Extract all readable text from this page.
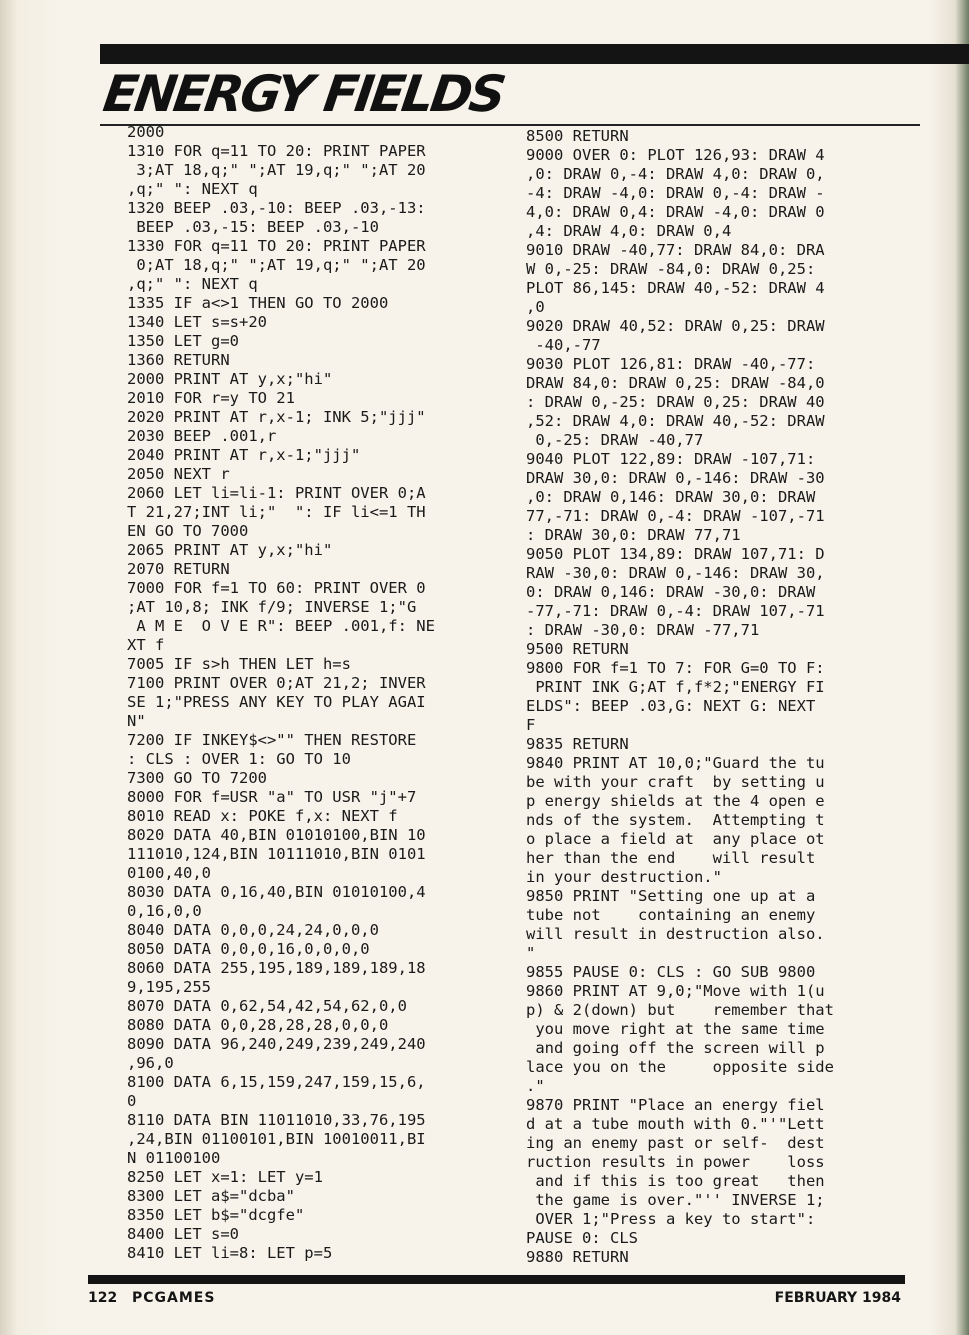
ENERGY FIELDS
2000
1310 FOR q=11 TO 20: PRINT PAPER
3;AT 18,q;" ";AT 19,q;" ";AT 20
,q;" ": NEXT q
1320 BEEP .03,-10: BEEP .03,-13:
BEEP .03,-15: BEEP .03,-10
1330 FOR q=11 TO 20: PRINT PAPER
0;AT 18,q;" ";AT 19,q;" ";AT 20
,q;" ": NEXT q
1335 IF a<>1 THEN GO TO 2000
1340 LET s=s+20
1350 LET g=0
1360 RETURN
2000 PRINT AT y,x;"hi"
2010 FOR r=y TO 21
2020 PRINT AT r,x-1; INK 5;"jjj"
2030 BEEP .001,r
2040 PRINT AT r,x-1;"jjj"
2050 NEXT r
2060 LET li=li-1: PRINT OVER 0;A
T 21,27;INT li;"  ": IF li<=1 TH
EN GO TO 7000
2065 PRINT AT y,x;"hi"
2070 RETURN
7000 FOR f=1 TO 60: PRINT OVER 0
;AT 10,8; INK f/9; INVERSE 1;"G
A M E  O V E R": BEEP .001,f: NE
XT f
7005 IF s>h THEN LET h=s
7100 PRINT OVER 0;AT 21,2; INVER
SE 1;"PRESS ANY KEY TO PLAY AGAI
N"
7200 IF INKEY$<>"" THEN RESTORE
: CLS : OVER 1: GO TO 10
7300 GO TO 7200
8000 FOR f=USR "a" TO USR "j"+7
8010 READ x: POKE f,x: NEXT f
8020 DATA 40,BIN 01010100,BIN 10
111010,124,BIN 10111010,BIN 0101
0100,40,0
8030 DATA 0,16,40,BIN 01010100,4
0,16,0,0
8040 DATA 0,0,0,24,24,0,0,0
8050 DATA 0,0,0,16,0,0,0,0
8060 DATA 255,195,189,189,189,18
9,195,255
8070 DATA 0,62,54,42,54,62,0,0
8080 DATA 0,0,28,28,28,0,0,0
8090 DATA 96,240,249,239,249,240
,96,0
8100 DATA 6,15,159,247,159,15,6,
0
8110 DATA BIN 11011010,33,76,195
,24,BIN 01100101,BIN 10010011,BI
N 01100100
8250 LET x=1: LET y=1
8300 LET a$="dcba"
8350 LET b$="dcgfe"
8400 LET s=0
8410 LET li=8: LET p=5
8500 RETURN
9000 OVER 0: PLOT 126,93: DRAW 4
,0: DRAW 0,-4: DRAW 4,0: DRAW 0,
-4: DRAW -4,0: DRAW 0,-4: DRAW -
4,0: DRAW 0,4: DRAW -4,0: DRAW 0
,4: DRAW 4,0: DRAW 0,4
9010 DRAW -40,77: DRAW 84,0: DRA
W 0,-25: DRAW -84,0: DRAW 0,25:
PLOT 86,145: DRAW 40,-52: DRAW 4
,0
9020 DRAW 40,52: DRAW 0,25: DRAW
-40,-77
9030 PLOT 126,81: DRAW -40,-77:
DRAW 84,0: DRAW 0,25: DRAW -84,0
: DRAW 0,-25: DRAW 0,25: DRAW 40
,52: DRAW 4,0: DRAW 40,-52: DRAW
0,-25: DRAW -40,77
9040 PLOT 122,89: DRAW -107,71:
DRAW 30,0: DRAW 0,-146: DRAW -30
,0: DRAW 0,146: DRAW 30,0: DRAW
77,-71: DRAW 0,-4: DRAW -107,-71
: DRAW 30,0: DRAW 77,71
9050 PLOT 134,89: DRAW 107,71: D
RAW -30,0: DRAW 0,-146: DRAW 30,
0: DRAW 0,146: DRAW -30,0: DRAW
-77,-71: DRAW 0,-4: DRAW 107,-71
: DRAW -30,0: DRAW -77,71
9500 RETURN
9800 FOR f=1 TO 7: FOR G=0 TO F:
PRINT INK G;AT f,f*2;"ENERGY FI
ELDS": BEEP .03,G: NEXT G: NEXT
F
9835 RETURN
9840 PRINT AT 10,0;"Guard the tu
be with your craft  by setting u
p energy shields at the 4 open e
nds of the system.  Attempting t
o place a field at  any place ot
her than the end    will result
in your destruction."
9850 PRINT "Setting one up at a
tube not    containing an enemy
will result in destruction also.
"
9855 PAUSE 0: CLS : GO SUB 9800
9860 PRINT AT 9,0;"Move with 1(u
p) & 2(down) but    remember that
you move right at the same time
and going off the screen will p
lace you on the     opposite side
."
9870 PRINT "Place an energy fiel
d at a tube mouth with 0."'"Lett
ing an enemy past or self-  dest
ruction results in power    loss
and if this is too great   then
the game is over."'' INVERSE 1;
OVER 1;"Press a key to start":
PAUSE 0: CLS
9880 RETURN

122 PCGAMES	FEBRUARY 1984
